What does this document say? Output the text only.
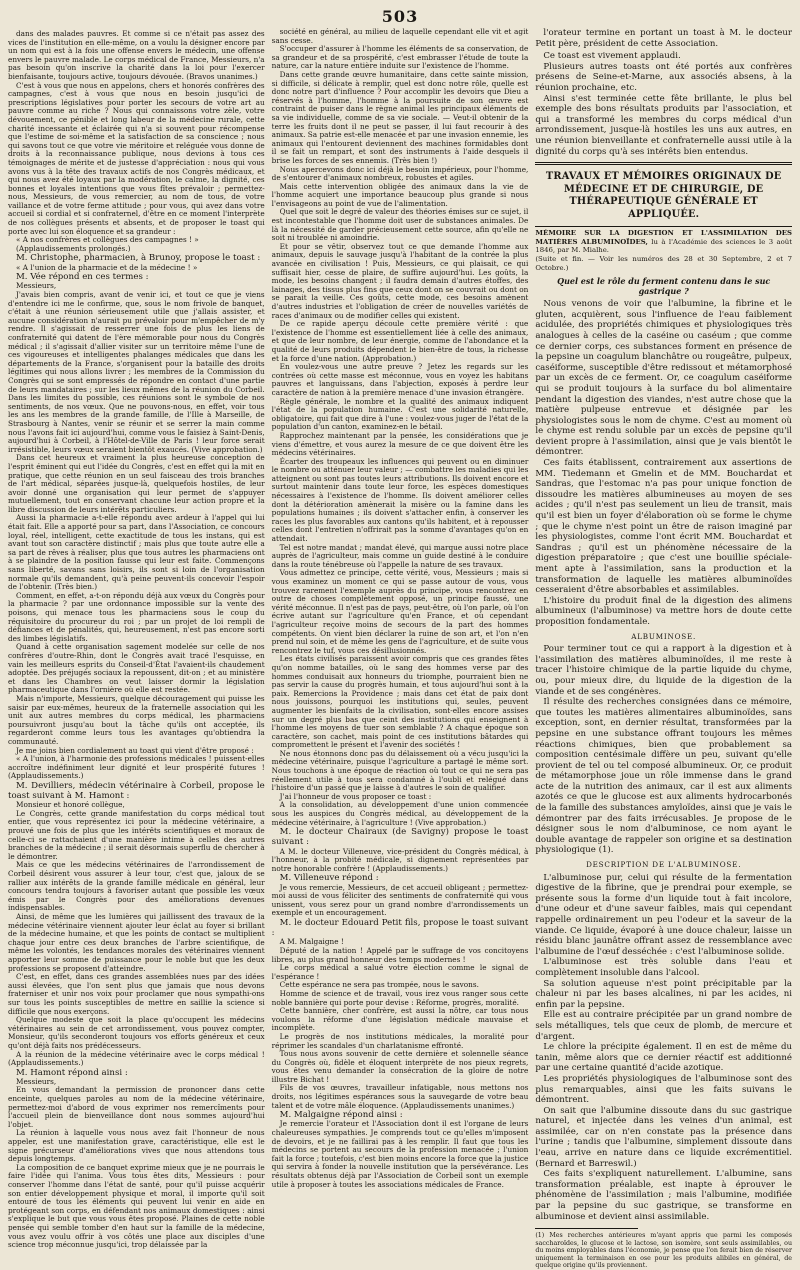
503

dans des malades pauvres. Et comme si ce n'était pas assez des vices de l'institution en elle-même, on a voulu la désigner encore par un nom qui est à la fois une offense envers le médecin, une offense envers le pauvre malade. Le corps médical de France, Messieurs, n'a pas besoin qu'on inscrive la charité dans la loi pour l'exercer bienfaisante, toujours active, toujours dévouée. (Bravos unanimes.)

C'est à vous que nous en appelons, chers et honorés confrères des campagnes, c'est à vous que nous en besoin jusqu'ici de prescriptions législatives pour porter les secours de votre art au pauvre comme au riche ? Nous qui connaissons votre zèle, votre dévouement, ce pénible et long labeur de la médecine rurale, cette charité incessante et éclairée qui n'a si souvent pour récompense que l'estime de soi-même et la satisfaction de sa conscience ; nous qui savons tout ce que votre vie méritoire et reléguée vous donne de droits à la reconnaissance publique, nous devions à tous ces témoignages de mérite et de justesse d'appréciation : nous qui vous avons vus à la tête des travaux actifs de nos Congrès médicaux, et qui nous avez été loyaux par la modération, le calme, la dignité, ces bonnes et loyales intentions que vous fîtes prévaloir ; permettez-nous, Messieurs, de vous remercier, au nom de tous, de votre vaillance et de votre ferme attitude ; pour vous, qui avez dans votre accueil si cordial et si confraternel, d'être en ce moment l'interprète de nos collègues présents et absents, et de proposer le toast qui porte avec lui son éloquence et sa grandeur :

« A nos confrères et collègues des campagnes ! »

(Applaudissements prolongés.)

M. Christophe, pharmacien, à Brunoy, propose le toast :

« A l'union de la pharmacie et de la médecine ! »

M. Vée répond en ces termes :

Messieurs,

J'avais bien compris, avant de venir ici, et tout ce que je viens d'entendre ici me le confirme, que, sous le nom frivole de banquet, c'était à une réunion sérieusement utile que j'allais assister, et aucune considération n'aurait pu prévaloir pour m'empêcher de m'y rendre. Il s'agissait de resserrer une fois de plus les liens de confraternité qui datent de l'ère mémorable pour nous du Congrès médical ; il s'agissait d'allier visiter sur un territoire même l'une de ces vigoureuses et intelligentes phalanges médicales que dans les départements de la France, s'organisent pour la bataille des droits légitimes qui nous allons livrer ; les membres de la Commission du Congrès qui se sont empressés de répondre en contact d'une partie de leurs mandataires ; sur les lieux mêmes de la réunion du Corbeil. Dans les limites du possible, ces réunions sont le symbole de nos sentiments, de nos vœux. Que ne pouvons-nous, en effet, voir tous les ans les membres de la grande famille, de l'Ille à Marseille, de Strasbourg à Nantes, venir se réunir et se serrer la main comme nous l'avons fait ici aujourd'hui, comme vous le faisiez à Saint-Denis, aujourd'hui à Corbeil, à l'Hôtel-de-Ville de Paris ! leur force serait irrésistible, leurs vœux seraient bientôt exaucés. (Vive approbation.)

Dans cet heureux et vraiment la plus heureuse conception de l'esprit éminent qui eut l'idée du Congrès, c'est en effet qui la mit en pratique, que cette réunion en un seul faisceau des trois branches de l'art médical, séparées jusque-là, quelquefois hostiles, de leur avoir donné une organisation qui leur permet de s'appuyer mutuellement, tout en conservant chacune leur action propre et la libre discussion de leurs intérêts particuliers.

Aussi la pharmacie a-t-elle répondu avec ardeur à l'appel qui lui était fait. Elle a apporté pour sa part, dans l'Association, ce concours loyal, réel, intelligent, cette exactitude de tous les instans, qui est avant tout son caractère distinctif ; mais plus que toute autre elle a sa part de rêves à réaliser, plus que tous autres les pharmaciens ont à se plaindre de la position fausse qui leur est faite. Commençons sans liberté, savans sans loisirs, ils sont si loin de l'organisation normale qu'ils demandent, qu'à peine peuvent-ils concevoir l'espoir de l'obtenir. (Très bien.)

Comment, en effet, a-t-on répondu déjà aux vœux du Congrès pour la pharmacie ? par une ordonnance impossible sur la vente des poisons, qui menace tous les pharmaciens sous le coup du réquisitoire du procureur du roi ; par un projet de loi rempli de défiances et de pénalités, qui, heureusement, n'est pas encore sorti des limbes législatifs.

Quand à cette organisation sagement modelée sur celle de nos confrères d'outre-Rhin, dont le Congrès avait tracé l'esquisse, en vain les meilleurs esprits du Conseil-d'État l'avaient-ils chaudement adoptée. Des préjugés sociaux la repoussent, dit-on ; et au ministère et dans les Chambres on veut laisser dormir la législation pharmaceutique dans l'ornière où elle est restée.

Mais n'importe, Messieurs, quelque découragement qui puisse les saisir par eux-mêmes, heureux de la fraternelle association qui les unit aux autres membres du corps médical, les pharmaciens poursuivront jusqu'au bout la tâche qu'ils ont acceptée, ils regarderont comme leurs tous les avantages qu'obtiendra la communauté.

Je me joins bien cordialement au toast qui vient d'être proposé :

« A l'union, à l'harmonie des professions médicales ! puissent-elles accroître indéfiniment leur dignité et leur prospérité futures ! (Applaudissements.)

M. Devilliers, médecin vétérinaire à Corbeil, propose le toast suivant à M. Hamont :

Monsieur et honoré collègue,

Le Congrès, cette grande manifestation du corps médical tout entier, que vous représentez ici pour la médecine vétérinaire, a prouvé une fois de plus que les intérêts scientifiques et moraux de celle-ci se rattachaient d'une manière intime à celles des autres branches de la médecine ; il serait désormais superflu de chercher à le démontrer.

Mais ce que les médecins vétérinaires de l'arrondissement de Corbeil désirent vous assurer à leur tour, c'est que, jaloux de se rallier aux intérêts de la grande famille médicale en général, leur concours tendra toujours à favoriser autant que possible les vœux émis par le Congrès pour des améliorations devenues indispensables.

Ainsi, de même que les lumières qui jaillissent des travaux de la médecine vétérinaire viennent ajouter leur éclat au foyer si brillant de la médecine humaine, et que les points de contact se multiplient chaque jour entre ces deux branches de l'arbre scientifique, de même les volontés, les tendances morales des vétérinaires viennent apporter leur somme de puissance pour le noble but que les deux professions se proposent d'atteindre.

C'est, en effet, dans ces grandes assemblées nues par des idées aussi élevées, que l'on sent plus que jamais que nous devons fraterniser et unir nos voix pour proclamer que nous sympathi-ons sur tous les points susceptibles de mettre en saillie la science si difficile que nous exerçons.

Quelque modeste que soit la place qu'occupent les médecins vétérinaires au sein de cet arrondissement, vous pouvez compter, Monsieur, qu'ils seconderont toujours vos efforts généreux et ceux qu'ont déjà faits nos prédécesseurs.

A la réunion de la médecine vétérinaire avec le corps médical ! (Applaudissements.)

M. Hamont répond ainsi :

Messieurs,

En vous demandant la permission de prononcer dans cette enceinte, quelques paroles au nom de la médecine vétérinaire, permettez-moi d'abord de vous exprimer nos remercîments pour l'accueil plein de bienveillance dont nous sommes aujourd'hui l'objet.

La réunion à laquelle vous nous avez fait l'honneur de nous appeler, est une manifestation grave, caractéristique, elle est le signe précurseur d'améliorations vives que nous attendons tous depuis longtemps.

La composition de ce banquet exprime mieux que je ne pourrais le faire l'idée qui l'anima. Vous tous êtes dits, Messieurs : pour conserver l'homme dans l'état de santé, pour qu'il puisse acquérir son entier développement physique et moral, il importe qu'il soit entouré de tous les éléments qui peuvent lui venir en aide en protégeant son corps, en défendant nos animaux domestiques : ainsi s'explique le but que vous vous êtes proposé. Plaines de cette noble pensée qui semble tomber d'en haut sur la famille de la médecine, vous avez voulu offrir à vos côtés une place aux disciples d'une science trop méconnue jusqu'ici, trop délaissée par la

société en général, au milieu de laquelle cependant elle vit et agit sans cesse.

S'occuper d'assurer à l'homme les éléments de sa conservation, de sa grandeur et de sa prospérité, c'est embrasser l'étude de toute la nature, car la nature entière induite sur l'existence de l'homme.

Dans cette grande œuvre humanitaire, dans cette sainte mission, si difficile, si délicate à remplir, quel est donc notre rôle, quelle est donc notre part d'influence ? Pour accomplir les devoirs que Dieu a réservés à l'homme, l'homme à la poursuite de son œuvre est contraint de puiser dans le règne animal les principaux éléments de sa vie individuelle, comme de sa vie sociale. — Veut-il obtenir de la terre les fruits dont il ne peut se passer, il lui faut recourir à des animaux. Sa patrie est-elle menacée et par une invasion ennemie, les animaux qui l'entourent deviennent des machines formidables dont il se fait un rempart, et sont des instruments à l'aide desquels il brise les forces de ses ennemis. (Très bien !)

Nous apercevons donc ici déjà le besoin impérieux, pour l'homme, de s'entourer d'animaux nombreux, robustes et agiles.

Mais cette intervention obligée des animaux dans la vie de l'homme acquiert une importance beaucoup plus grande si nous l'envisageons au point de vue de l'alimentation.

Quel que soit le degré de valeur des théories émises sur ce sujet, il est incontestable que l'homme doit user de substances animales. De là la nécessité de garder précieusement cette source, afin qu'elle ne soit ni troublée ni amoindrie.

Et pour se vêtir, observez tout ce que demande l'homme aux animaux, depuis le sauvage jusqu'à l'habitant de la contrée la plus avancée en civilisation ! Puis, Messieurs, ce qui plaisait, ce qui suffisait hier, cesse de plaire, de suffire aujourd'hui. Les goûts, la mode, les besoins changent ; il faudra demain d'autres étoffes, des lainages, des tissus plus fins que ceux dont on se couvrait ou dont on se parait la veille. Ces goûts, cette mode, ces besoins amènent d'autres industries et l'obligation de créer de nouvelles variétés de races d'animaux ou de modifier celles qui existent.

De ce rapide aperçu découle cette première vérité : que l'existence de l'homme est essentiellement liée à celle des animaux, et que de leur nombre, de leur énergie, comme de l'abondance et la qualité de leurs produits dépendent le bien-être de tous, la richesse et la force d'une nation. (Approbation.)

En voulez-vous une autre preuve ? Jetez les regards sur les contrées où cette masse est méconnue, vous en voyez les habitans pauvres et languissans, dans l'abjection, exposés à perdre leur caractère de nation à la première menace d'une invasion étrangère.

Règle générale, le nombre et la qualité des animaux indiquent l'état de la population humaine. C'est une solidarité naturelle, obligatoire, qui fait que dire à l'une : voulez-vous juger de l'état de la population d'un canton, examinez-en le bétail.

Rapprochez maintenant par la pensée, les considérations que je viens d'émettre, et vous aurez la mesure de ce que doivent être les médecins vétérinaires.

Écarter des troupeaux les influences qui peuvent ou en diminuer le nombre ou atténuer leur valeur ; — combattre les maladies qui les atteignent ou sont pas toutes leurs attributions. Ils doivent encore et surtout maintenir dans toute leur force, les espèces domestiques nécessaires à l'existence de l'homme. Ils doivent améliorer celles dont la détérioration amènerait la misère ou la famine dans les populations humaines ; ils doivent s'attacher enfin, à conserver les races les plus favorables aux cantons qu'ils habitent, et à repousser celles dont l'entretien n'offrirait pas la somme d'avantages qu'on en attendait.

Tel est notre mandat ; mandat élevé, qui marque aussi notre place auprès de l'agriculteur, mais comme un guide destiné à le conduire dans la route ténébreuse où l'appelle la nature de ses travaux.

Vous admettez ce principe, cette vérité, vous, Messieurs ; mais si vous examinez un moment ce qui se passe autour de vous, vous trouvez rarement l'exemple auprès du principe, vous rencontrez en outre de choses complètement opposé, un principe faussé, une vérité méconnue. Il n'est pas de pays, peut-être, où l'on parle, où l'on écrive autant sur l'agriculture qu'en France, et où cependant l'agriculteur reçoive moins de secours de la part des hommes compétents. On vient bien déclarer la ruine de son art, et l'on n'en prend nul soin, et de même les gens de l'agriculture, et de suite vous rencontrez le tuf, vous ces désillusionnés.

Les états civilisés paraissent avoir compris que ces grandes fêtes qu'on nomme batailles, où le sang des hommes verse par des hommes conduisait aux honneurs du triomphe, pourraient bien ne pas servir la cause du progrès humain, et tous aujourd'hui sont à la paix. Remercions la Providence ; mais dans cet état de paix dont nous jouissons, pourquoi les institutions qui, seules, peuvent augmenter les bienfaits de la civilisation, sont-elles encore assises sur un degré plus bas que ceint des institutions qui enseignent à l'homme les moyens de tuer son semblable ? A chaque époque son caractère, son cachet, mais point de ces institutions bâtardes qui compromettent le présent et l'avenir des sociétés !

Ne nous étonnons donc pas du délaissement où a vécu jusqu'ici la médecine vétérinaire, puisque l'agriculture a partagé le même sort. Nous touchons à une époque de réaction où tout ce qui ne sera pas réellement utile à tous sera condamné à l'oubli et relégué dans l'histoire d'un passé que je laisse à d'autres le soin de qualifier.

J'ai l'honneur de vous proposer ce toast :

A la consolidation, au développement d'une union commencée sous les auspices du Congrès médical, au développement de la médecine vétérinaire, à l'agriculture ! (Vive approbation.)

M. le docteur Chairaux (de Savigny) propose le toast suivant :

A M. le docteur Villeneuve, vice-président du Congrès médical, à l'honneur, à la probité médicale, si dignement représentées par notre honorable confrère ! (Applaudissements.)

M. Villeneuve répond :

Je vous remercie, Messieurs, de cet accueil obligeant ; permettez-moi aussi de vous féliciter des sentiments de confraternité qui vous unissent, vous serez pour un grand nombre d'arrondissements un exemple et un encouragement.

M. le docteur Edouard Petit fils, propose le toast suivant :

A M. Malgaigne !

Député de la nation ! Appelé par le suffrage de vos concitoyens libres, au plus grand honneur des temps modernes !

Le corps médical a salué votre élection comme le signal de l'espérance !

Cette espérance ne sera pas trompée, nous le savons.

Homme de science et de travail, vous irez vous ranger sous cette noble bannière qui porte pour devise : Réforme, progrès, moralité.

Cette bannière, cher confrère, est aussi la nôtre, car tous nous voulons la réforme d'une législation médicale mauvaise et incomplète.

Le progrès de nos institutions médicales, la moralité pour réprimer les scandales d'un charlatanisme effronté.

Tous nous avons souvenir de cette dernière et solennelle séance du Congrès où, fidèle et éloquent interprète de nos pieux regrets, vous êtes venu demander la consécration de la gloire de notre illustre Bichat !

Fils de vos œuvres, travailleur infatigable, nous mettons nos droits, nos légitimes espérances sous la sauvegarde de votre beau talent et de votre mâle éloquence. (Applaudissements unanimes.)

M. Malgaigne répond ainsi :

Je remercie l'orateur et l'Association dont il est l'organe de leurs chaleureuses sympathies. Je comprends tout ce qu'elles m'imposent de devoirs, et je ne faillirai pas à les remplir. Il faut que tous les médecins se portent au secours de la profession menacée ; l'union fait la force ; toutefois, c'est bien moins encore la force que la justice qui servira à fonder la nouvelle institution que la persévérance. Les résultats obtenus déjà par l'Association de Corbeil sont un exemple utile à proposer à toutes les associations médicales de France.

l'orateur termine en portant un toast à M. le docteur Petit père, président de cette Association.

Ce toast est vivement applaudi.

Plusieurs autres toasts ont été portés aux confrères présens de Seine-et-Marne, aux associés absens, à la réunion prochaine, etc.

Ainsi s'est terminée cette fête brillante, le plus bel exemple des bons résultats produits par l'association, et qui a transformé les membres du corps médical d'un arrondissement, jusque-là hostiles les uns aux autres, en une réunion bienveillante et confraternelle aussi utile à la dignité du corps qu'à ses intérêts bien entendus.

TRAVAUX ET MÉMOIRES ORIGINAUX DE MÉDECINE ET DE CHIRURGIE, DE THÉRAPEUTIQUE GÉNÉRALE ET APPLIQUÉE.
MÉMOIRE SUR LA DIGESTION ET L'ASSIMILATION DES MATIÈRES ALBUMINOÏDES, lu à l'Académie des sciences le 3 août 1846, par M. Mialhe.
(Suite et fin. — Voir les numéros des 28 et 30 Septembre, 2 et 7 Octobre.)
Quel est le rôle du ferment contenu dans le suc gastrique ?

Nous venons de voir que l'albumine, la fibrine et le gluten, acquièrent, sous l'influence de l'eau faiblement acidulée, des propriétés chimiques et physiologiques très analogues à celles de la caséine ou caséum ; que comme ce dernier corps, ces substances forment en présence de la pepsine un coagulum blanchâtre ou rougeâtre, pulpeux, caséiforme, susceptible d'être redissout et métamorphosé par un excès de ce ferment. Or, ce coagulum caséiforme qui se produit toujours à la surface du bol alimentaire pendant la digestion des viandes, n'est autre chose que la matière pulpeuse entrevue et désignée par les physiologistes sous le nom de chyme. C'est au moment où le chyme est rendu soluble par un excès de pepsine qu'il devient propre à l'assimilation, ainsi que je vais bientôt le démontrer.

Ces faits établissent, contrairement aux assertions de MM. Tiedemann et Gmelin et de MM. Bouchardat et Sandras, que l'estomac n'a pas pour unique fonction de dissoudre les matières albumineuses au moyen de ses acides ; qu'il n'est pas seulement un lieu de transit, mais qu'il est bien un foyer d'élaboration où se forme le chyme ; que le chyme n'est point un être de raison imaginé par les physiologistes, comme l'ont écrit MM. Bouchardat et Sandras ; qu'il est un phénomène nécessaire de la digestion préparatoire ; que c'est une bouillie spéciale-ment apte à l'assimilation, sans la production et la transformation de laquelle les matières albuminoïdes cesseraient d'être absorbables et assimilables.

L'histoire du produit final de la digestion des alimens albumineux (l'albuminose) va mettre hors de doute cette proposition fondamentale.

ALBUMINOSE.

Pour terminer tout ce qui a rapport à la digestion et à l'assimilation des matières albuminoïdes, il me reste à tracer l'histoire chimique de la partie liquide du chyme, ou, pour mieux dire, du liquide de la digestion de la viande et de ses congénères.

Il résulte des recherches consignées dans ce mémoire, que toutes les matières alimentaires albuminoïdes, sans exception, sont, en dernier résultat, transformées par la pepsine en une substance offrant toujours les mêmes réactions chimiques, bien que probablement sa composition centésimale diffère un peu, suivant qu'elle provient de tel ou tel composé albumineux. Or, ce produit de métamorphose joue un rôle immense dans le grand acte de la nutrition des animaux, car il est aux aliments azotés ce que le glucose est aux aliments hydrocarbonés de la famille des substances amyloïdes, ainsi que je vais le démontrer par des faits irrécusables. Je propose de le désigner sous le nom d'albuminose, ce nom ayant le double avantage de rappeler son origine et sa destination physiologique (1).

DESCRIPTION DE L'ALBUMINOSE.

L'albuminose pur, celui qui résulte de la fermentation digestive de la fibrine, que je prendrai pour exemple, se présente sous la forme d'un liquide tout à fait incolore, d'une odeur et d'une saveur faibles, mais qui cependant rappelle ordinairement un peu l'odeur et la saveur de la viande. Ce liquide, évaporé à une douce chaleur, laisse un résidu blanc jaunâtre offrant assez de ressemblance avec l'albumine de l'œuf desséchée : c'est l'albuminose solide.

L'albuminose est très soluble dans l'eau et complètement insoluble dans l'alcool.

Sa solution aqueuse n'est point précipitable par la chaleur ni par les bases alcalines, ni par les acides, ni enfin par la pepsine.

Elle est au contraire précipitée par un grand nombre de sels métalliques, tels que ceux de plomb, de mercure et d'argent.

Le chlore la précipite également. Il en est de même du tanin, même alors que ce dernier réactif est additionné par une certaine quantité d'acide azotique.

Les propriétés physiologiques de l'albuminose sont des plus remarquables, ainsi que les faits suivans le démontrent.

On sait que l'albumine dissoute dans du suc gastrique naturel, et injectée dans les veines d'un animal, est assimilée, car on n'en constate pas la présence dans l'urine ; tandis que l'albumine, simplement dissoute dans l'eau, arrive en nature dans ce liquide excrémentitiel. (Bernard et Barreswil.)

Ces faits s'expliquent naturellement. L'albumine, sans transformation préalable, est inapte à éprouver le phénomène de l'assimilation ; mais l'albumine, modifiée par la pepsine du suc gastrique, se transforme en albuminose et devient ainsi assimilable.

(1) Mes recherches antérieures m'ayant appris que parmi les composés saccharoïdes, le glucose et le lactose, son isomère, sont seuls assimilables, ou du moins employables dans l'économie, je pense que l'on ferait bien de réserver uniquement la terminaison en ose pour les produits alibiles en général, de quelque origine qu'ils proviennent.
